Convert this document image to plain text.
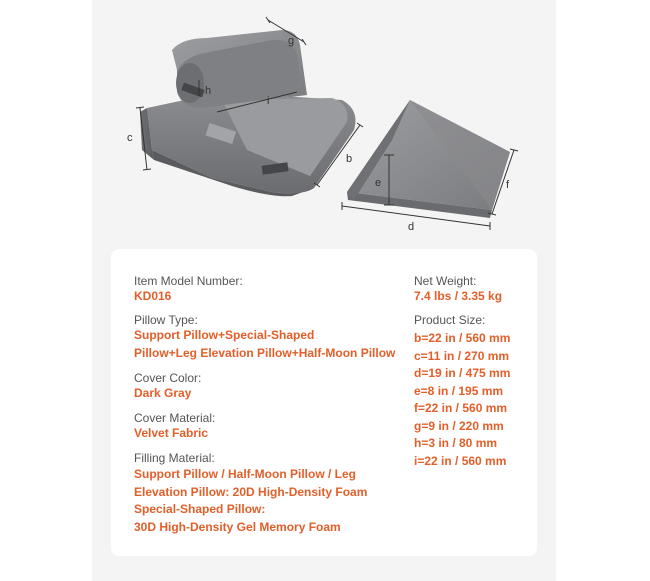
g
h
i
c
b
e	f
d
Item Model Number:
KD016
Pillow Type:
Support Pillow+Special-Shaped
Pillow+Leg Elevation Pillow+Half-Moon Pillow
Cover Color:
Dark Gray
Cover Material:
Velvet Fabric
Filling Material:
Support Pillow / Half-Moon Pillow / Leg
Elevation Pillow: 20D High-Density Foam
Special-Shaped Pillow:
30D High-Density Gel Memory Foam
Net Weight:
7.4 lbs / 3.35 kg
Product Size:
b=22 in / 560 mm
c=11 in / 270 mm
d=19 in / 475 mm
e=8 in / 195 mm
f=22 in / 560 mm
g=9 in / 220 mm
h=3 in / 80 mm
i=22 in / 560 mm
